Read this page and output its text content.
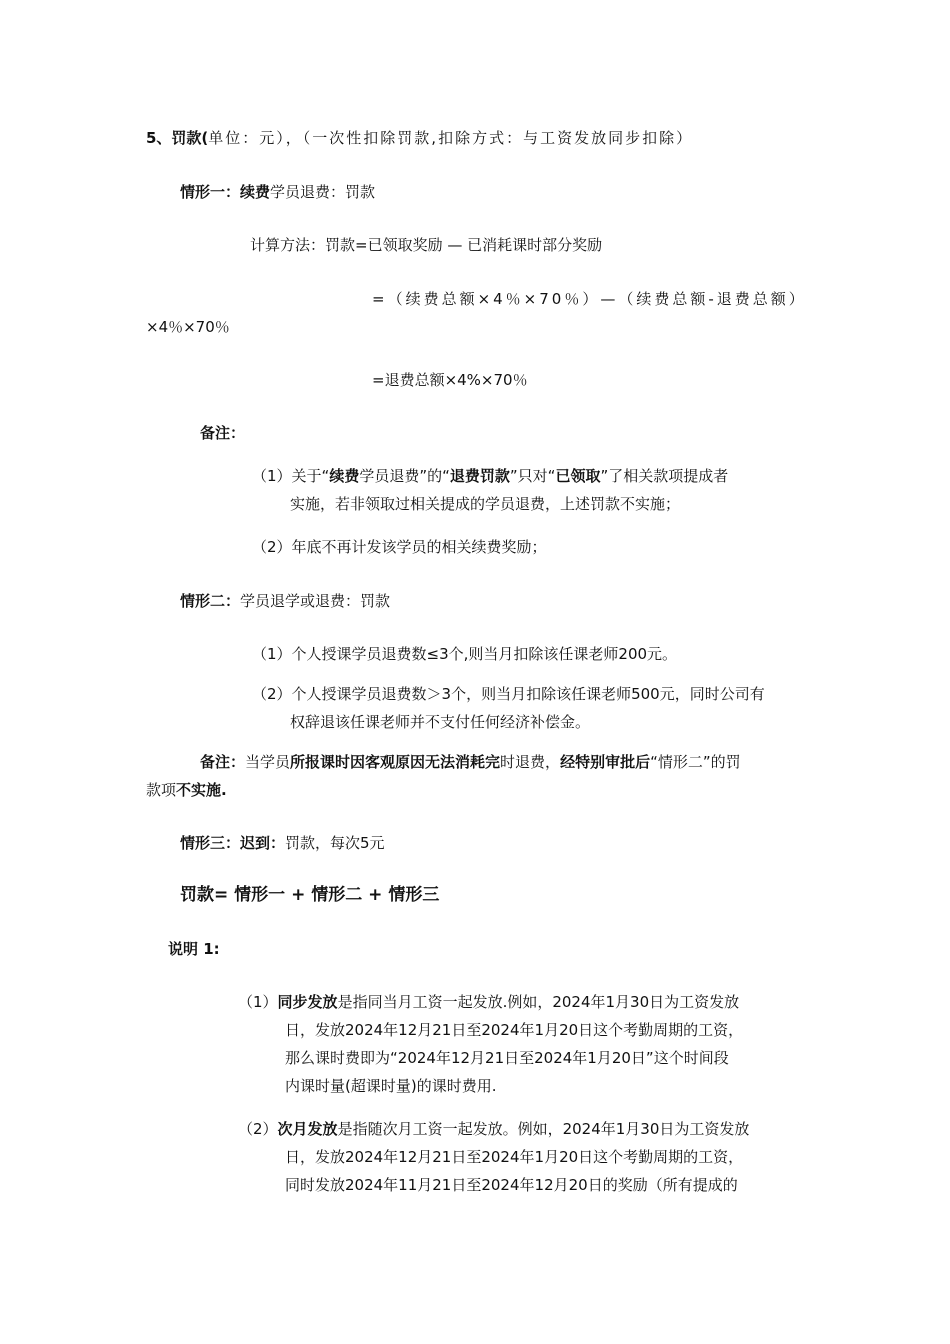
5、罚款(单位：元），（一次性扣除罚款,扣除方式：与工资发放同步扣除）
情形一：续费学员退费：罚款
计算方法：罚款=已领取奖励 — 已消耗课时部分奖励
=（续费总额×4％×70％）—（续费总额-退费总额）
×4％×70％
=退费总额×4%×70％
备注：
（1）关于“续费学员退费”的“退费罚款”只对“已领取”了相关款项提成者
实施，若非领取过相关提成的学员退费，上述罚款不实施；
（2）年底不再计发该学员的相关续费奖励；
情形二：学员退学或退费：罚款
（1）个人授课学员退费数≤3个,则当月扣除该任课老师200元。
（2）个人授课学员退费数＞3个，则当月扣除该任课老师500元，同时公司有
权辞退该任课老师并不支付任何经济补偿金。
备注：当学员所报课时因客观原因无法消耗完时退费，经特别审批后“情形二”的罚
款项不实施.
情形三：迟到：罚款，每次5元
罚款= 情形一 + 情形二 + 情形三
说明 1:
（1）同步发放是指同当月工资一起发放.例如，2024年1月30日为工资发放
日，发放2024年12月21日至2024年1月20日这个考勤周期的工资，
那么课时费即为“2024年12月21日至2024年1月20日”这个时间段
内课时量(超课时量)的课时费用.
（2）次月发放是指随次月工资一起发放。例如，2024年1月30日为工资发放
日，发放2024年12月21日至2024年1月20日这个考勤周期的工资，
同时发放2024年11月21日至2024年12月20日的奖励（所有提成的
